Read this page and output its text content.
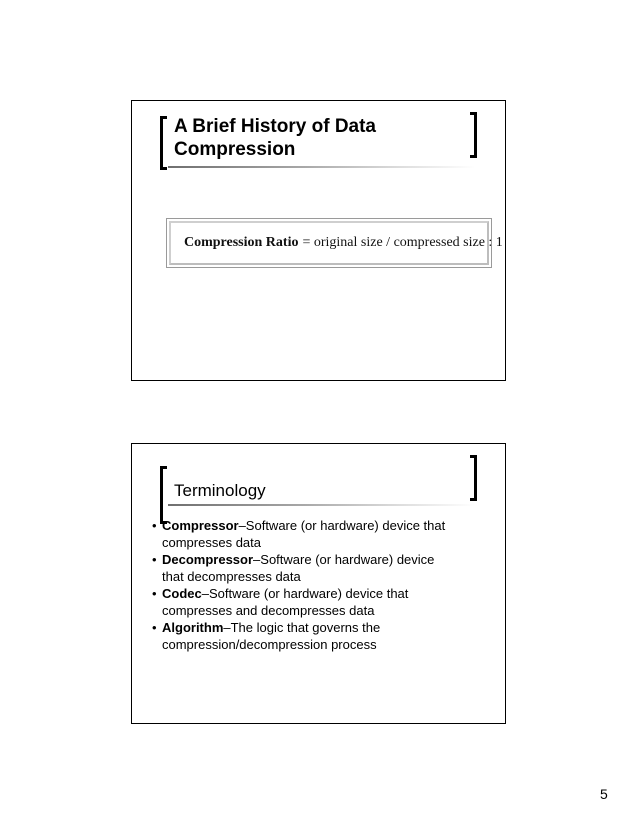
A Brief History of Data
Compression
Compression Ratio = original size / compressed size : 1
Terminology
• Compressor–Software (or hardware) device that
compresses data
• Decompressor–Software (or hardware) device
that decompresses data
• Codec–Software (or hardware) device that
compresses and decompresses data
• Algorithm–The logic that governs the
compression/decompression process
5
